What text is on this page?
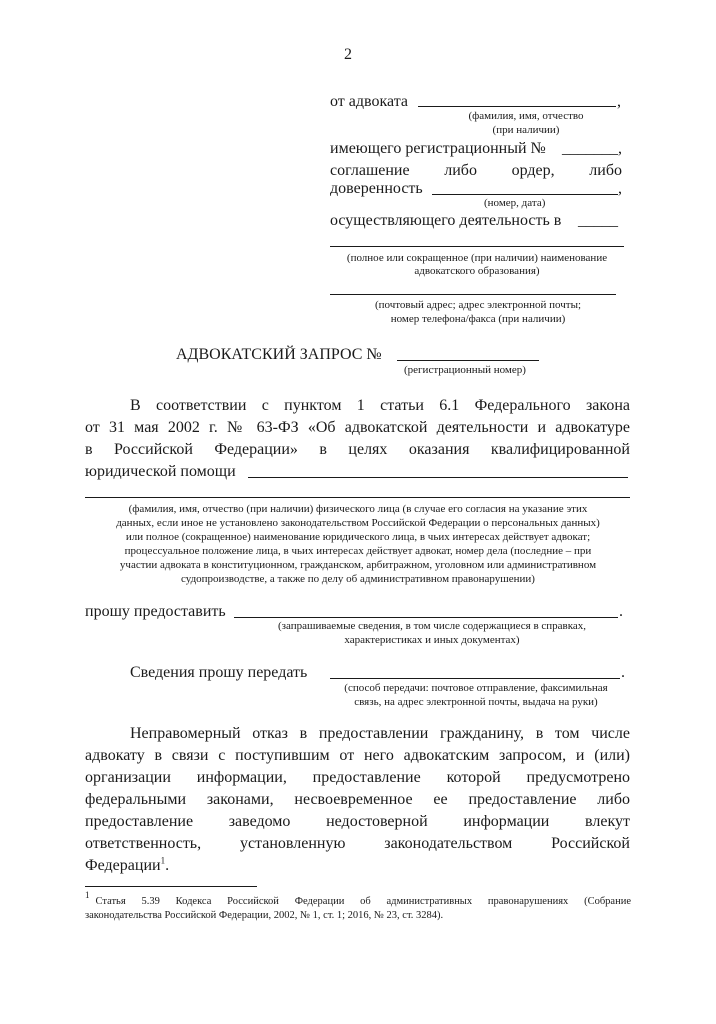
2
от адвоката	,
(фамилия, имя, отчество
(при наличии)
имеющего регистрационный № _______,
соглашение либо ордер, либо
доверенность	,
(номер, дата)
осуществляющего деятельность в _____
(полное или сокращенное (при наличии) наименование
адвокатского образования)
(почтовый адрес; адрес электронной почты;
номер телефона/факса (при наличии)
АДВОКАТСКИЙ ЗАПРОС №
(регистрационный номер)
В соответствии с пунктом 1 статьи 6.1 Федерального закона
от 31 мая 2002 г. № 63-ФЗ «Об адвокатской деятельности и адвокатуре
в Российской Федерации» в целях оказания квалифицированной
юридической помощи
(фамилия, имя, отчество (при наличии) физического лица (в случае его согласия на указание этих
данных, если иное не установлено законодательством Российской Федерации о персональных данных)
или полное (сокращенное) наименование юридического лица, в чьих интересах действует адвокат;
процессуальное положение лица, в чьих интересах действует адвокат, номер дела (последние – при
участии адвоката в конституционном, гражданском, арбитражном, уголовном или административном
судопроизводстве, а также по делу об административном правонарушении)
прошу предоставить	.
(запрашиваемые сведения, в том числе содержащиеся в справках,
характеристиках и иных документах)
Сведения прошу передать	.
(способ передачи: почтовое отправление, факсимильная
связь, на адрес электронной почты, выдача на руки)
Неправомерный отказ в предоставлении гражданину, в том числе
адвокату в связи с поступившим от него адвокатским запросом, и (или)
организации информации, предоставление которой предусмотрено
федеральными законами, несвоевременное ее предоставление либо
предоставление заведомо недостоверной информации влекут
ответственность, установленную законодательством Российской
Федерации$^1$.
1
Статья 5.39 Кодекса Российской Федерации об административных правонарушениях (Собрание
законодательства Российской Федерации, 2002, № 1, ст. 1; 2016, № 23, ст. 3284).
